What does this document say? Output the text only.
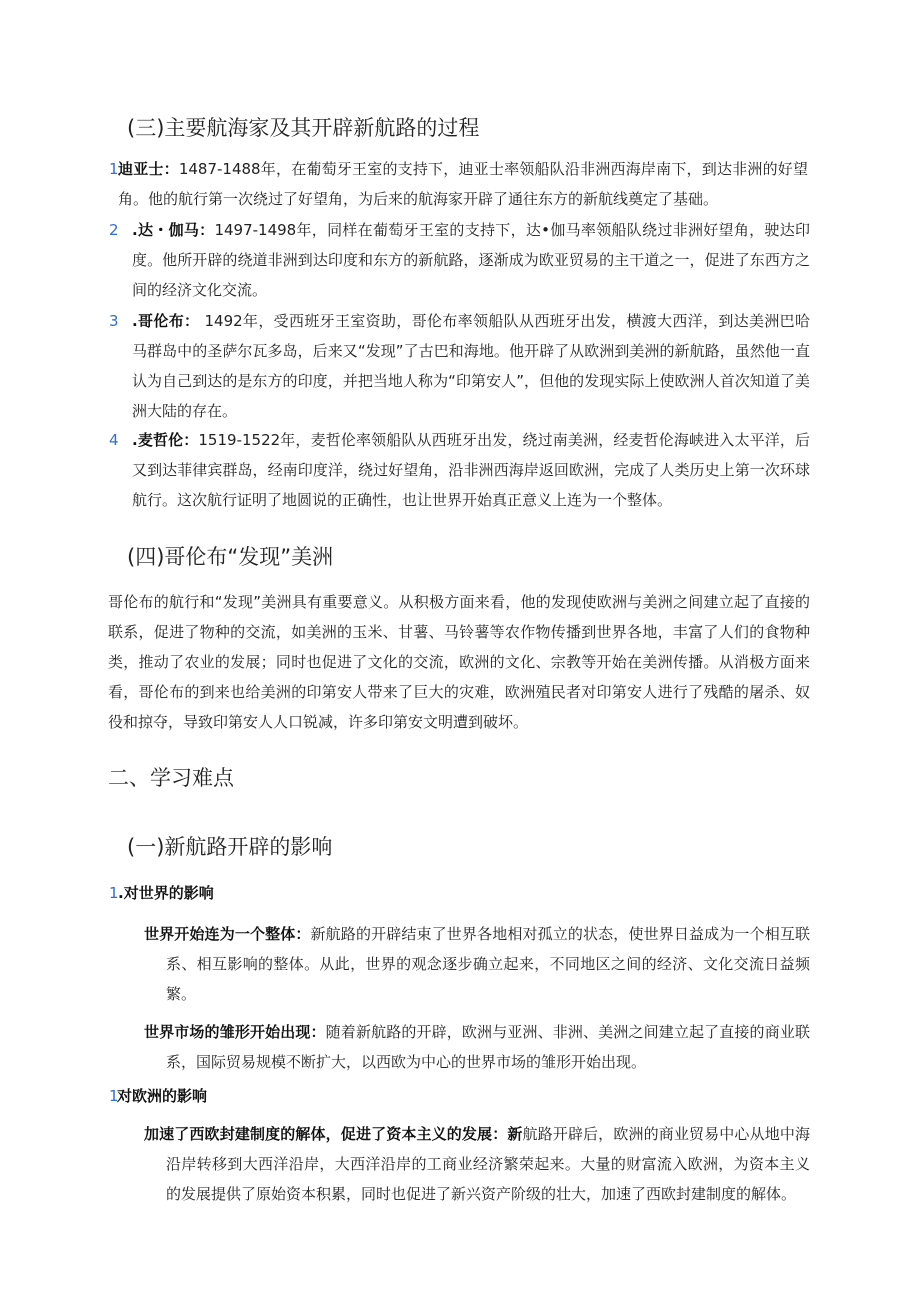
(三)主要航海家及其开辟新航路的过程
1 迪亚士：1487-1488年，在葡萄牙王室的支持下，迪亚士率领船队沿非洲西海岸南下，到达非洲的好望角。他的航行第一次绕过了好望角，为后来的航海家开辟了通往东方的新航线奠定了基础。
2 .达・伽马：1497-1498年，同样在葡萄牙王室的支持下，达•伽马率领船队绕过非洲好望角，驶达印度。他所开辟的绕道非洲到达印度和东方的新航路，逐渐成为欧亚贸易的主干道之一，促进了东西方之间的经济文化交流。
3 .哥伦布： 1492年，受西班牙王室资助，哥伦布率领船队从西班牙出发，横渡大西洋，到达美洲巴哈马群岛中的圣萨尔瓦多岛，后来又“发现”了古巴和海地。他开辟了从欧洲到美洲的新航路，虽然他一直认为自己到达的是东方的印度，并把当地人称为“印第安人”，但他的发现实际上使欧洲人首次知道了美洲大陆的存在。
4 .麦哲伦：1519-1522年，麦哲伦率领船队从西班牙出发，绕过南美洲，经麦哲伦海峡进入太平洋，后又到达菲律宾群岛，经南印度洋，绕过好望角，沿非洲西海岸返回欧洲，完成了人类历史上第一次环球航行。这次航行证明了地圆说的正确性，也让世界开始真正意义上连为一个整体。
(四)哥伦布“发现”美洲
哥伦布的航行和“发现”美洲具有重要意义。从积极方面来看，他的发现使欧洲与美洲之间建立起了直接的联系，促进了物种的交流，如美洲的玉米、甘薯、马铃薯等农作物传播到世界各地，丰富了人们的食物种类，推动了农业的发展；同时也促进了文化的交流，欧洲的文化、宗教等开始在美洲传播。从消极方面来看，哥伦布的到来也给美洲的印第安人带来了巨大的灾难，欧洲殖民者对印第安人进行了残酷的屠杀、奴役和掠夺，导致印第安人人口锐减，许多印第安文明遭到破坏。
二、学习难点
(一)新航路开辟的影响
1 .对世界的影响
世界开始连为一个整体：新航路的开辟结束了世界各地相对孤立的状态，使世界日益成为一个相互联系、相互影响的整体。从此，世界的观念逐步确立起来，不同地区之间的经济、文化交流日益频繁。
世界市场的雏形开始出现：随着新航路的开辟，欧洲与亚洲、非洲、美洲之间建立起了直接的商业联系，国际贸易规模不断扩大，以西欧为中心的世界市场的雏形开始出现。
1
对欧洲的影响
加速了西欧封建制度的解体，促进了资本主义的发展：新航路开辟后，欧洲的商业贸易中心从地中海沿岸转移到大西洋沿岸，大西洋沿岸的工商业经济繁荣起来。大量的财富流入欧洲，为资本主义的发展提供了原始资本积累，同时也促进了新兴资产阶级的壮大，加速了西欧封建制度的解体。
